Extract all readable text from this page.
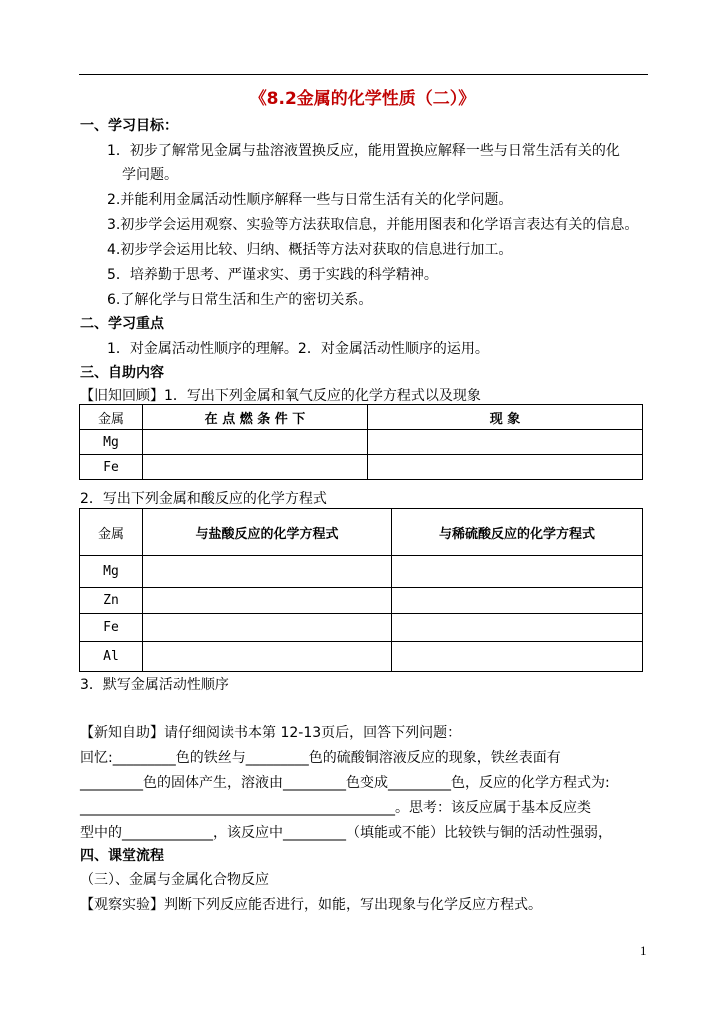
《8.2金属的化学性质（二）》
一、学习目标：
1．初步了解常见金属与盐溶液置换反应，能用置换应解释一些与日常生活有关的化
学问题。
2.并能利用金属活动性顺序解释一些与日常生活有关的化学问题。
3.初步学会运用观察、实验等方法获取信息，并能用图表和化学语言表达有关的信息。
4.初步学会运用比较、归纳、概括等方法对获取的信息进行加工。
5．培养勤于思考、严谨求实、勇于实践的科学精神。
6.了解化学与日常生活和生产的密切关系。
二、学习重点
1．对金属活动性顺序的理解。2．对金属活动性顺序的运用。
三、自助内容
【旧知回顾】1．写出下列金属和氧气反应的化学方程式以及现象
金属	在 点 燃 条 件 下	现 象
Mg		
Fe		
2．写出下列金属和酸反应的化学方程式
金属	与盐酸反应的化学方程式	与稀硫酸反应的化学方程式
Mg		
Zn		
Fe		
Al		
3．默写金属活动性顺序
【新知自助】请仔细阅读书本第 12-13页后，回答下列问题：
回忆:_________色的铁丝与_________色的硫酸铜溶液反应的现象，铁丝表面有
_________色的固体产生，溶液由_________色变成_________色，反应的化学方程式为:
_____________________________________________。思考：该反应属于基本反应类
型中的_____________，该反应中_________（填能或不能）比较铁与铜的活动性强弱，
四、课堂流程
（三）、金属与金属化合物反应
【观察实验】判断下列反应能否进行，如能，写出现象与化学反应方程式。
1
